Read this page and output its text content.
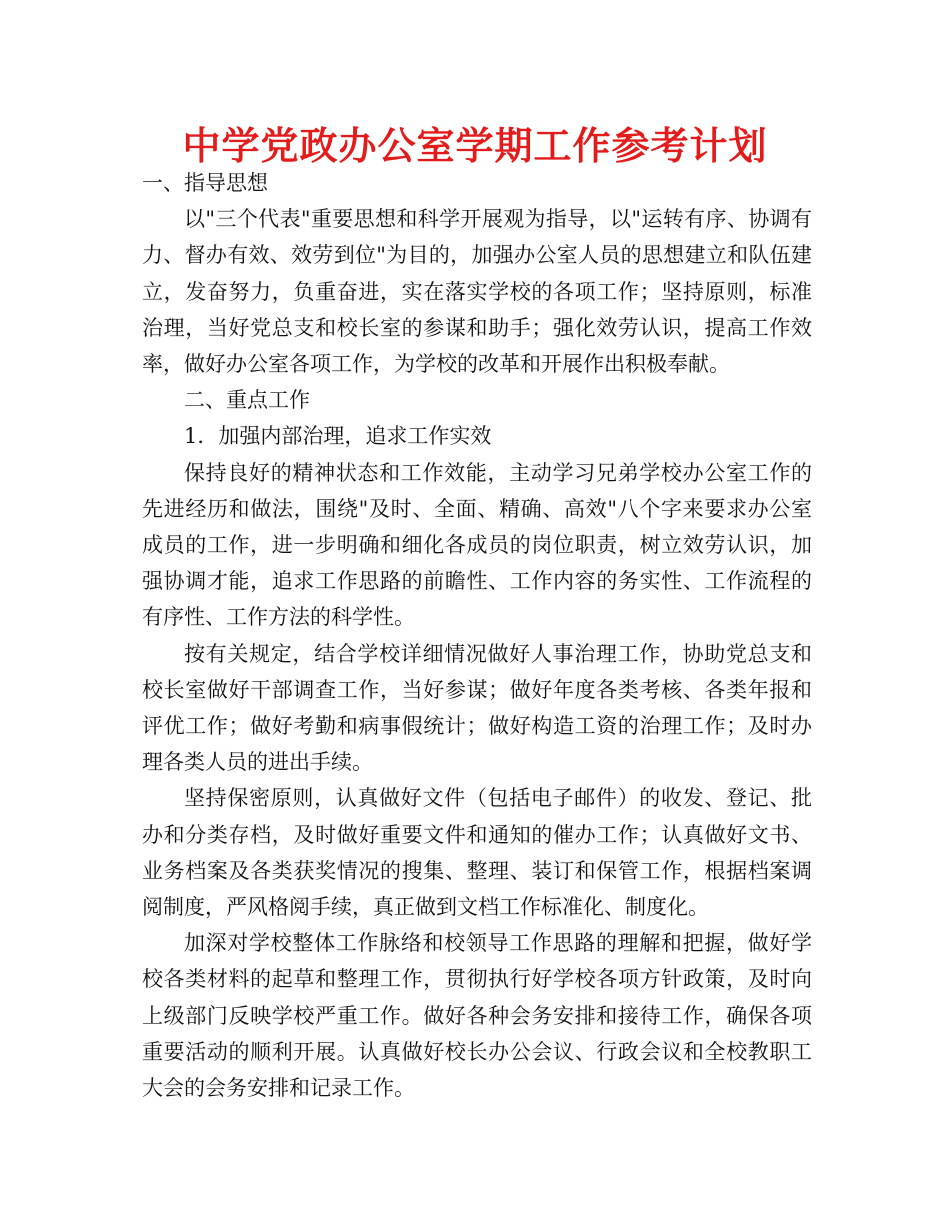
中学党政办公室学期工作参考计划

一、指导思想

以"三个代表"重要思想和科学开展观为指导，以"运转有序、协调有力、督办有效、效劳到位"为目的，加强办公室人员的思想建立和队伍建立，发奋努力，负重奋进，实在落实学校的各项工作；坚持原则，标准治理，当好党总支和校长室的参谋和助手；强化效劳认识，提高工作效率，做好办公室各项工作，为学校的改革和开展作出积极奉献。

二、重点工作

1．加强内部治理，追求工作实效

保持良好的精神状态和工作效能，主动学习兄弟学校办公室工作的先进经历和做法，围绕"及时、全面、精确、高效"八个字来要求办公室成员的工作，进一步明确和细化各成员的岗位职责，树立效劳认识，加强协调才能，追求工作思路的前瞻性、工作内容的务实性、工作流程的有序性、工作方法的科学性。

按有关规定，结合学校详细情况做好人事治理工作，协助党总支和校长室做好干部调查工作，当好参谋；做好年度各类考核、各类年报和评优工作；做好考勤和病事假统计；做好构造工资的治理工作；及时办理各类人员的进出手续。

坚持保密原则，认真做好文件（包括电子邮件）的收发、登记、批办和分类存档，及时做好重要文件和通知的催办工作；认真做好文书、业务档案及各类获奖情况的搜集、整理、装订和保管工作，根据档案调阅制度，严风格阅手续，真正做到文档工作标准化、制度化。

加深对学校整体工作脉络和校领导工作思路的理解和把握，做好学校各类材料的起草和整理工作，贯彻执行好学校各项方针政策，及时向上级部门反映学校严重工作。做好各种会务安排和接待工作，确保各项重要活动的顺利开展。认真做好校长办公会议、行政会议和全校教职工大会的会务安排和记录工作。
